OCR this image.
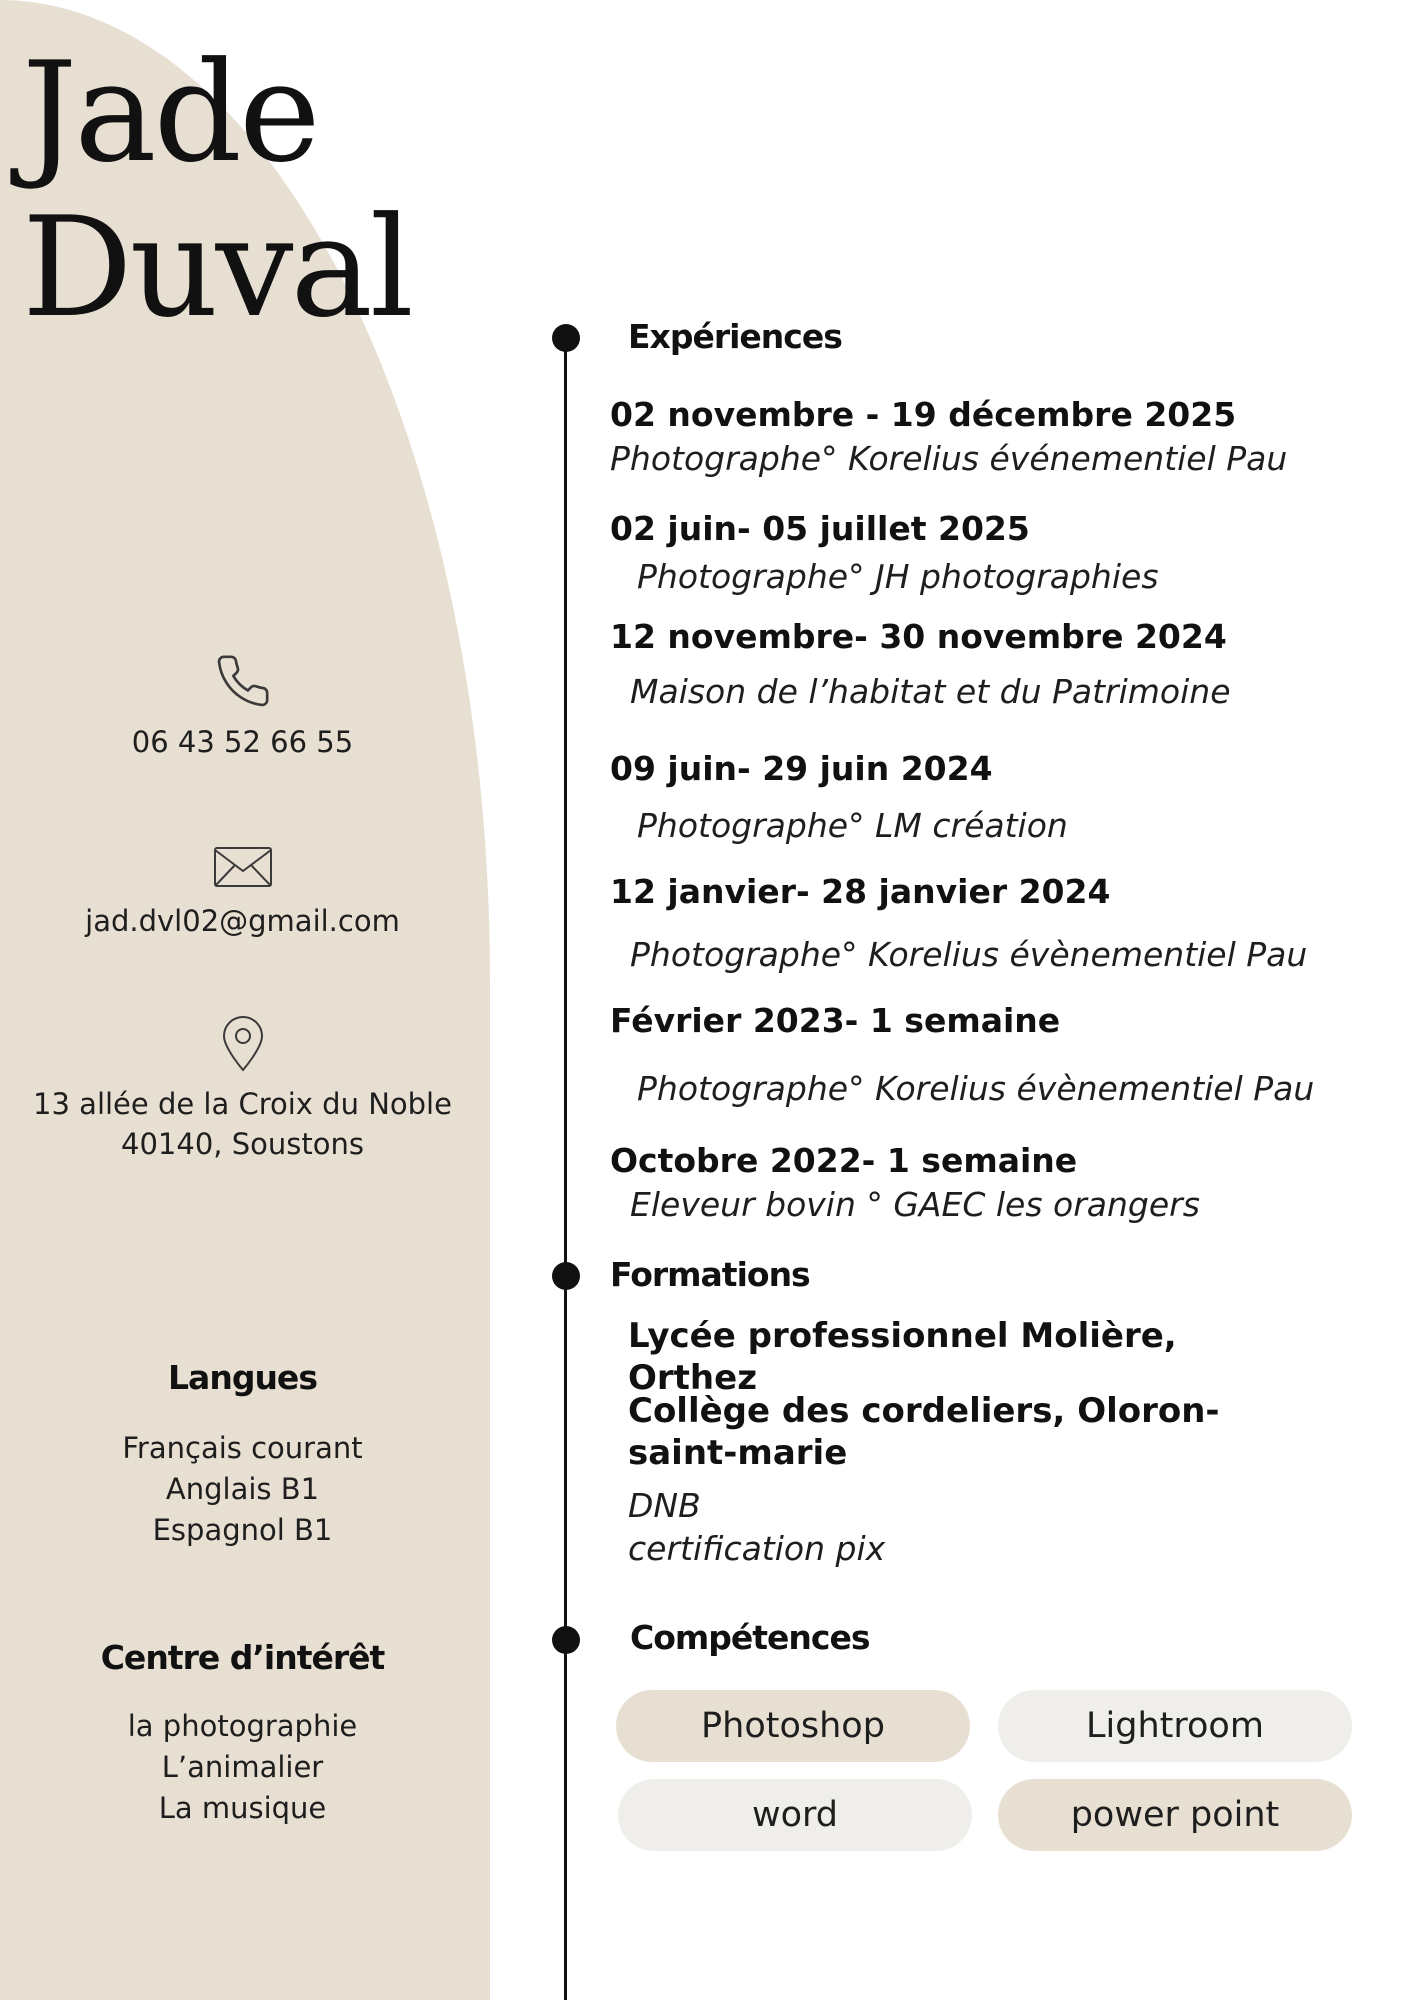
Jade
Duval
06 43 52 66 55
jad.dvl02@gmail.com
13 allée de la Croix du Noble
40140, Soustons
Langues
Français courant
Anglais B1
Espagnol B1
Centre d’intérêt
la photographie
L’animalier
La musique
Expériences
02 novembre - 19 décembre 2025
Photographe° Korelius événementiel Pau
02 juin- 05 juillet 2025
Photographe° JH photographies
12 novembre- 30 novembre 2024
Maison de l’habitat et du Patrimoine
09 juin- 29 juin 2024
Photographe° LM création
12 janvier- 28 janvier 2024
Photographe° Korelius évènementiel Pau
Février 2023- 1 semaine
Photographe° Korelius évènementiel Pau
Octobre 2022- 1 semaine
Eleveur bovin ° GAEC les orangers
Formations
Lycée professionnel Molière, Orthez
Collège des cordeliers, Oloron-saint-marie
DNB
certification pix
Compétences
Photoshop	Lightroom
word	power point
